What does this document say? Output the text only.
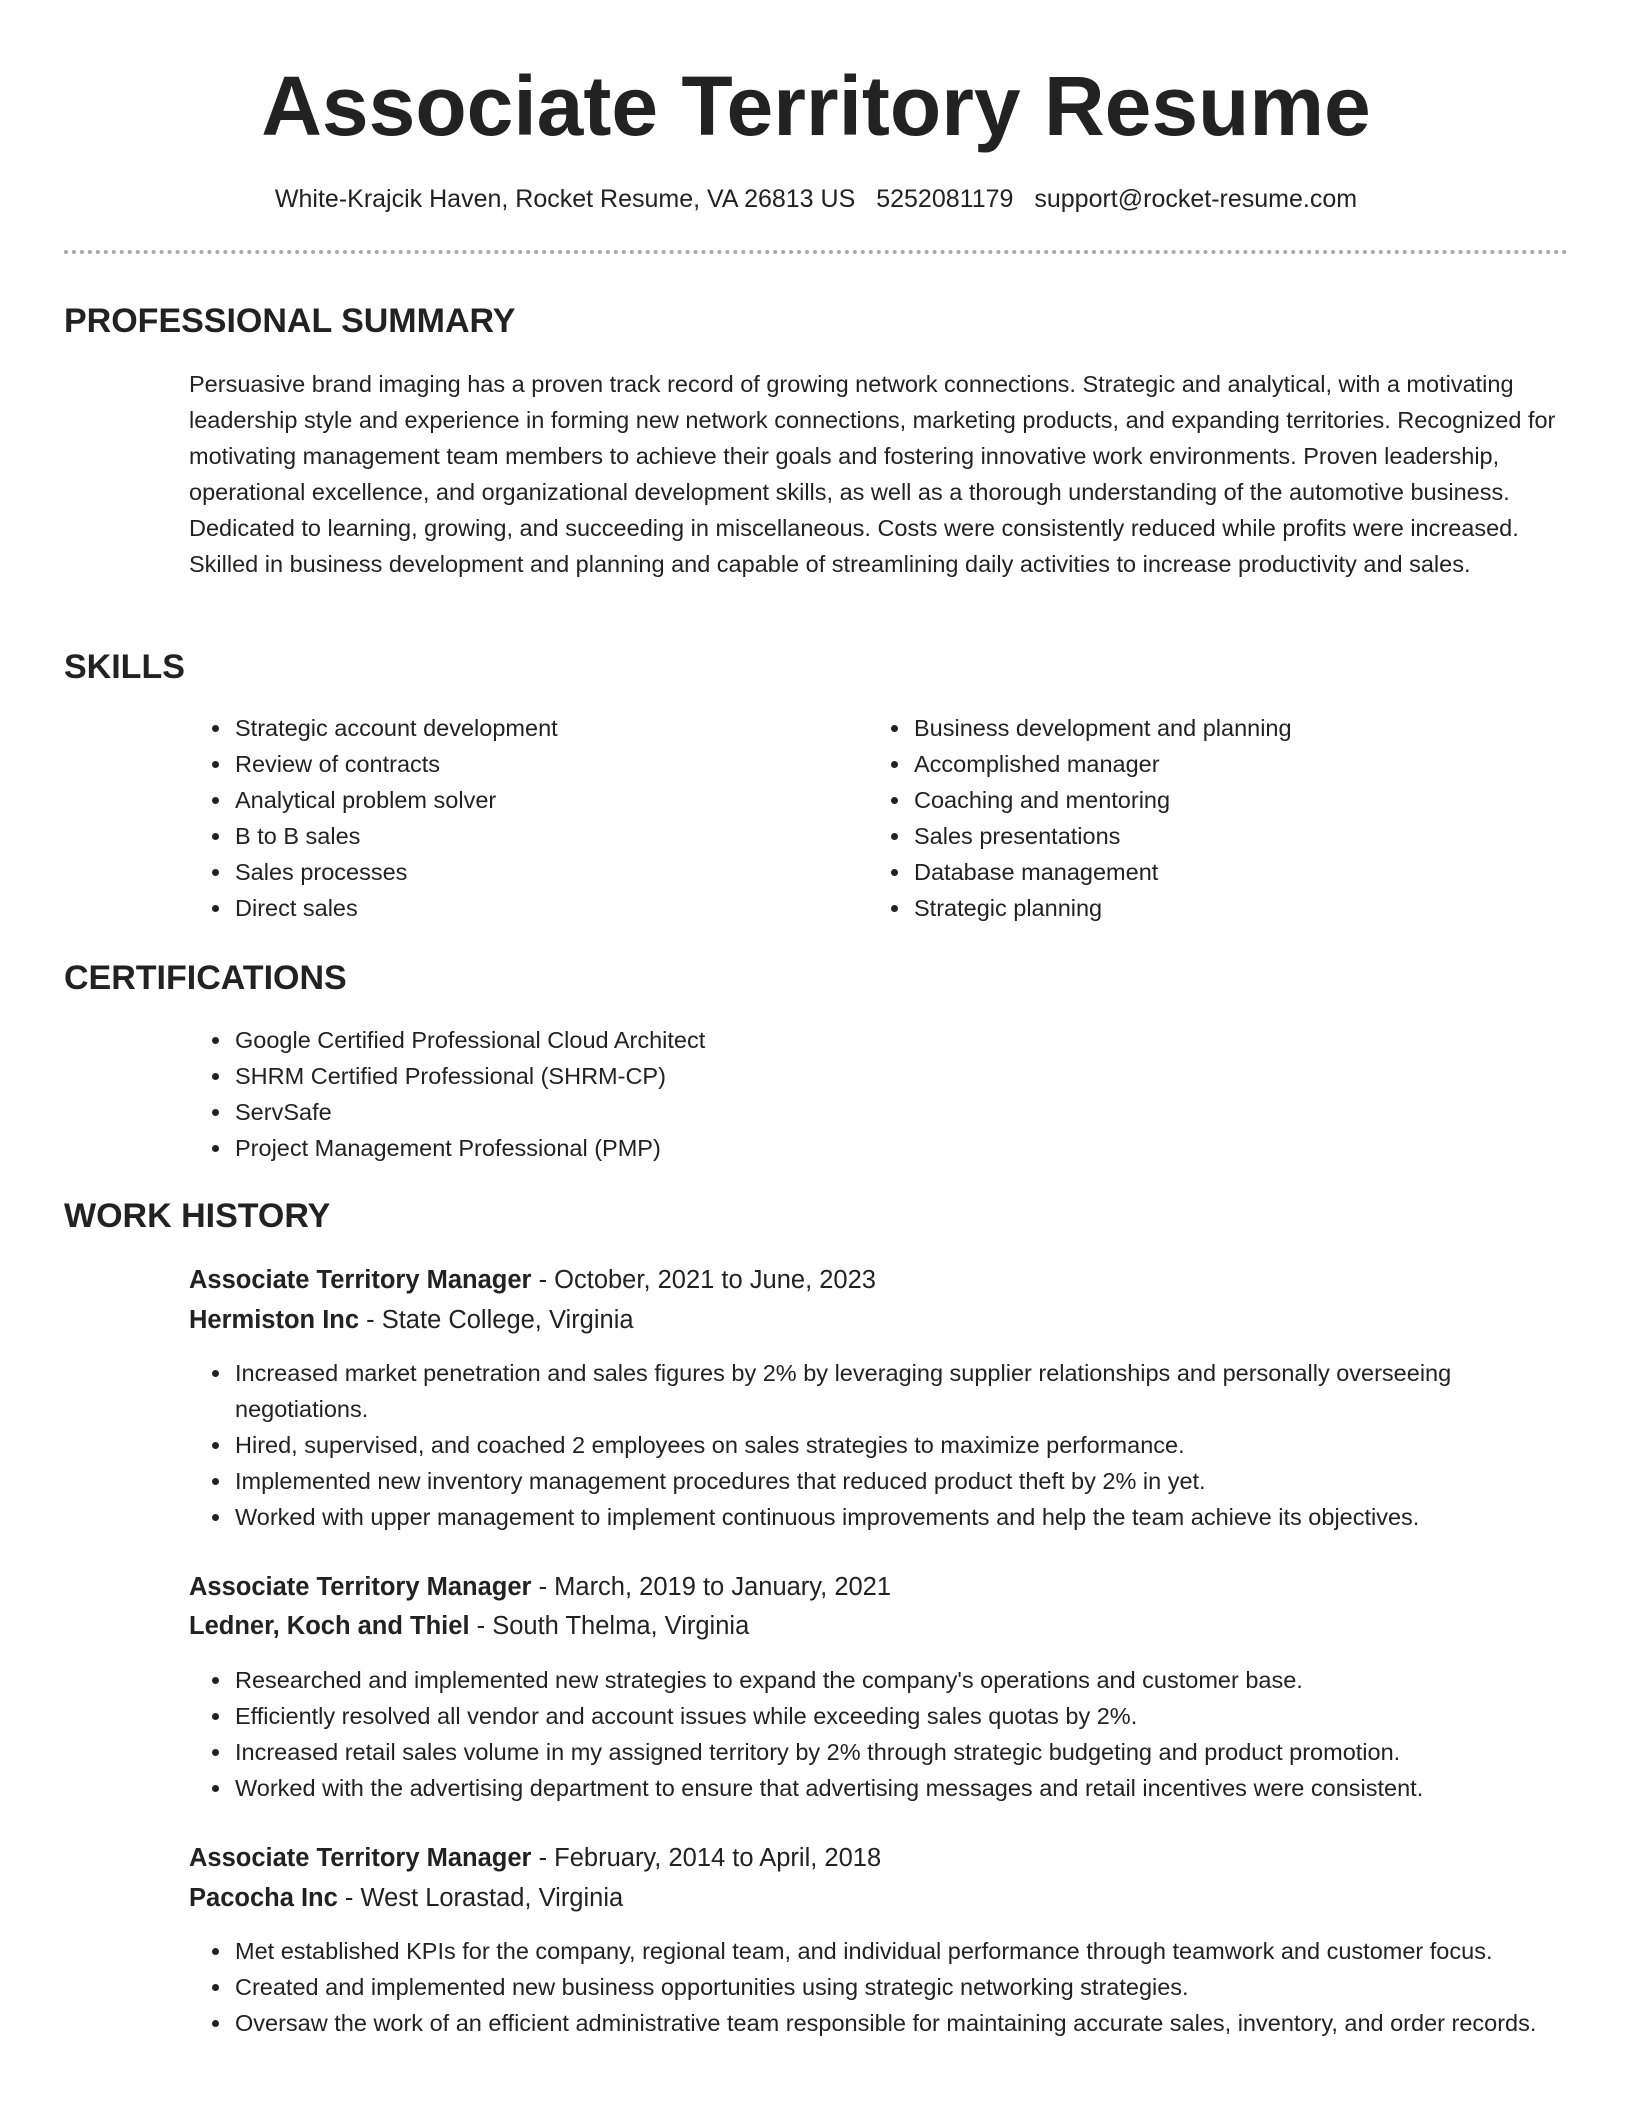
Associate Territory Resume
White-Krajcik Haven, Rocket Resume, VA 26813 US 5252081179 support@rocket-resume.com
PROFESSIONAL SUMMARY

Persuasive brand imaging has a proven track record of growing network connections. Strategic and analytical, with a motivating leadership style and experience in forming new network connections, marketing products, and expanding territories. Recognized for motivating management team members to achieve their goals and fostering innovative work environments. Proven leadership, operational excellence, and organizational development skills, as well as a thorough understanding of the automotive business. Dedicated to learning, growing, and succeeding in miscellaneous. Costs were consistently reduced while profits were increased. Skilled in business development and planning and capable of streamlining daily activities to increase productivity and sales.

SKILLS
• Strategic account development
• Review of contracts
• Analytical problem solver
• B to B sales
• Sales processes
• Direct sales
• Business development and planning
• Accomplished manager
• Coaching and mentoring
• Sales presentations
• Database management
• Strategic planning
CERTIFICATIONS
• Google Certified Professional Cloud Architect
• SHRM Certified Professional (SHRM-CP)
• ServSafe
• Project Management Professional (PMP)
WORK HISTORY
Associate Territory Manager - October, 2021 to June, 2023
Hermiston Inc - State College, Virginia
• Increased market penetration and sales figures by 2% by leveraging supplier relationships and personally overseeing negotiations.
• Hired, supervised, and coached 2 employees on sales strategies to maximize performance.
• Implemented new inventory management procedures that reduced product theft by 2% in yet.
• Worked with upper management to implement continuous improvements and help the team achieve its objectives.
Associate Territory Manager - March, 2019 to January, 2021
Ledner, Koch and Thiel - South Thelma, Virginia
• Researched and implemented new strategies to expand the company's operations and customer base.
• Efficiently resolved all vendor and account issues while exceeding sales quotas by 2%.
• Increased retail sales volume in my assigned territory by 2% through strategic budgeting and product promotion.
• Worked with the advertising department to ensure that advertising messages and retail incentives were consistent.
Associate Territory Manager - February, 2014 to April, 2018
Pacocha Inc - West Lorastad, Virginia
• Met established KPIs for the company, regional team, and individual performance through teamwork and customer focus.
• Created and implemented new business opportunities using strategic networking strategies.
• Oversaw the work of an efficient administrative team responsible for maintaining accurate sales, inventory, and order records.
